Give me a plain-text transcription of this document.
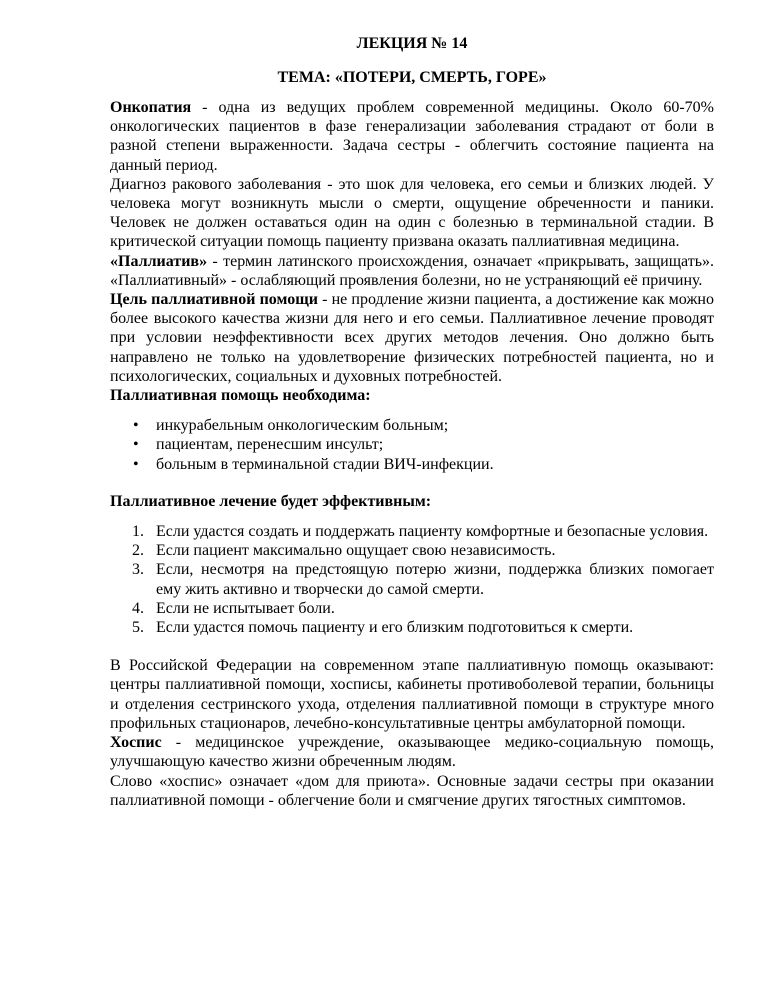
ЛЕКЦИЯ № 14

ТЕМА: «ПОТЕРИ, СМЕРТЬ, ГОРЕ»

Онкопатия - одна из ведущих проблем современной медицины. Около 60-70% онкологических пациентов в фазе генерализации заболевания страдают от боли в разной степени выраженности. Задача сестры - облегчить состояние пациента на данный период.

Диагноз ракового заболевания - это шок для человека, его семьи и близких людей. У человека могут возникнуть мысли о смерти, ощущение обреченности и паники. Человек не должен оставаться один на один с болезнью в терминальной стадии. В критической ситуации помощь пациенту призвана оказать паллиативная медицина.

«Паллиатив» - термин латинского происхождения, означает «прикрывать, защищать». «Паллиативный» - ослабляющий проявления болезни, но не устраняющий её причину.

Цель паллиативной помощи - не продление жизни пациента, а достижение как можно более высокого качества жизни для него и его семьи. Паллиативное лечение проводят при условии неэффективности всех других методов лечения. Оно должно быть направлено не только на удовлетворение физических потребностей пациента, но и психологических, социальных и духовных потребностей.

Паллиативная помощь необходима:

• инкурабельным онкологическим больным;
• пациентам, перенесшим инсульт;
• больным в терминальной стадии ВИЧ-инфекции.

Паллиативное лечение будет эффективным:

1. Если удастся создать и поддержать пациенту комфортные и безопасные условия.
2. Если пациент максимально ощущает свою независимость.
3. Если, несмотря на предстоящую потерю жизни, поддержка близких помогает ему жить активно и творчески до самой смерти.
4. Если не испытывает боли.
5. Если удастся помочь пациенту и его близким подготовиться к смерти.

В Российской Федерации на современном этапе паллиативную помощь оказывают: центры паллиативной помощи, хосписы, кабинеты противоболевой терапии, больницы и отделения сестринского ухода, отделения паллиативной помощи в структуре много профильных стационаров, лечебно-консультативные центры амбулаторной помощи.

Хоспис - медицинское учреждение, оказывающее медико-социальную помощь, улучшающую качество жизни обреченным людям.

Слово «хоспис» означает «дом для приюта». Основные задачи сестры при оказании паллиативной помощи - облегчение боли и смягчение других тягостных симптомов.
